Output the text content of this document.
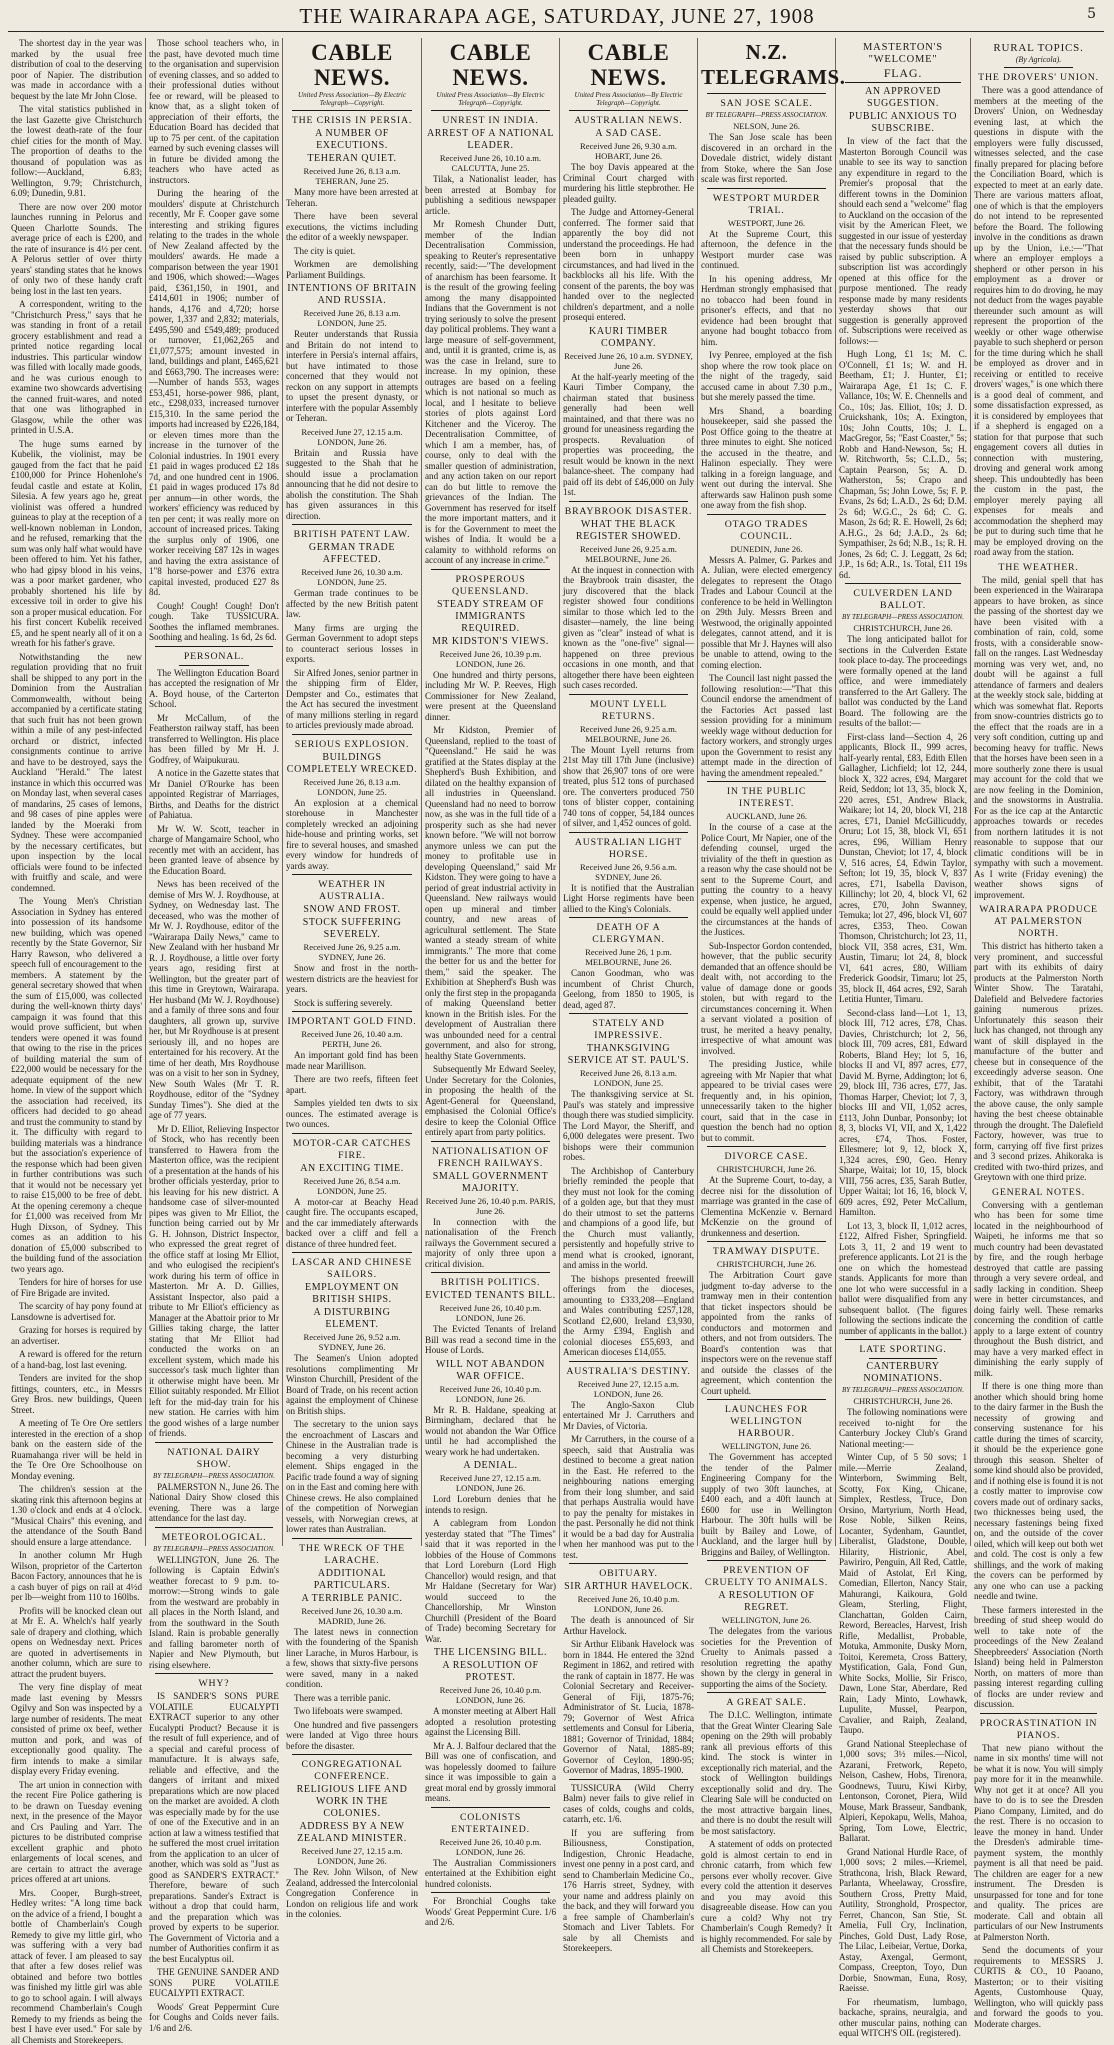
THE WAIRARAPA AGE, SATURDAY, JUNE 27, 1908	5

The shortest day in the year was marked by the usual free distribution of coal to the deserving poor of Napier. The distribution was made in accordance with a bequest by the late Mr John Close.

The vital statistics published in the last Gazette give Christchurch the lowest death-rate of the four chief cities for the month of May. The proportion of deaths to the thousand of population was as follow:—Auckland, 6.83; Wellington, 9.79; Christchurch, 6.09; Dunedin, 9.81.

There are now over 200 motor launches running in Pelorus and Queen Charlotte Sounds. The average price of each is £200, and the rate of insurance is 4½ per cent. A Pelorus settler of over thirty years' standing states that he knows of only two of these handy craft being lost in the last ten years.

A correspondent, writing to the "Christchurch Press," says that he was standing in front of a retail grocery establishment and read a printed notice regarding local industries. This particular window was filled with locally made goods, and he was curious enough to examine two showcards advertising the canned fruit-wares, and noted that one was lithographed in Glasgow, while the other was printed in U.S.A.

The huge sums earned by Kubelik, the violinist, may be gauged from the fact that he paid £100,000 for Prince Hohenlohe's feudal castle and estate at Kolin, Silesia. A few years ago he, great violinist was offered a hundred guineas to play at the reception of a well-known nobleman in London, and he refused, remarking that the sum was only half what would have been offered to him. Yet his father, who had gipsy blood in his veins, was a poor market gardener, who probably shortened his life by excessive toil in order to give his son a proper musical education. For his first concert Kubelik received £5, and he spent nearly all of it on a wreath for his father's grave.

Notwithstanding the new regulation providing that no fruit shall be shipped to any port in the Dominion from the Australian Commonwealth, without being accompanied by a certificate stating that such fruit has not been grown within a mile of any pest-infected orchard or district, infected consignments continue to arrive and have to be destroyed, says the Auckland "Herald." The latest instance in which this occurred was on Monday last, when several cases of mandarins, 25 cases of lemons, and 98 cases of pine apples were landed by the Moeraki from Sydney. These were accompanied by the necessary certificates, but upon inspection by the local officials were found to be infected with fruitfly and scale, and were condemned.

The Young Men's Christian Association in Sydney has entered into possession of its handsome new building, which was opened recently by the State Governor, Sir Harry Rawson, who delivered a speech full of encouragement to the members. A statement by the general secretary showed that when the sum of £15,000, was collected during the well-known thirty days' campaign it was found that this would prove sufficient, but when tenders were opened it was found that owing to the rise in the prices of building material the sum of £22,000 would be necessary for the adequate equipment of the new home. In view of the support which the association had received, its officers had decided to go ahead and trust the community to stand by it. The difficulty with regard to building materials was a hindrance but the association's experience of the response which had been given in further contributions was such that it would not be necessary yet to raise £15,000 to be free of debt. At the opening ceremony a cheque for £1,000 was received from Mr Hugh Dixson, of Sydney. This comes as an addition to his donation of £5,000 subscribed to the building fund of the association two years ago.

Tenders for hire of horses for use of Fire Brigade are invited.

The scarcity of hay pony found at Lansdowne is advertised for.

Grazing for horses is required by an advertiser.

A reward is offered for the return of a hand-bag, lost last evening.

Tenders are invited for the shop fittings, counters, etc., in Messrs Grey Bros. new buildings, Queen Street.

A meeting of Te Ore Ore settlers interested in the erection of a shop bank on the eastern side of the Ruamahanga river will be held in the Te Ore Ore Schoolhouse on Monday evening.

The children's session at the skating rink this afternoon begins at 1.30 o'clock and ends at 4 o'clock. "Musical Chairs" this evening, and the attendance of the South Band should ensure a large attendance.

In another column Mr Hugh Wilson, proprietor of the Carterton Bacon Factory, announces that he is a cash buyer of pigs on rail at 4½d per lb—weight from 110 to 160lbs.

Profits will be knocked clean out at Mr E. A. Whelch's half yearly sale of drapery and clothing, which opens on Wednesday next. Prices are quoted in advertisements in another column, which are sure to attract the prudent buyers.

The very fine display of meat made last evening by Messrs Ogilvy and Son was inspected by a large number of residents. The meat consisted of prime ox beef, wether mutton and pork, and was of exceptionally good quality. The firm intends to make a similar display every Friday evening.

The art union in connection with the recent Fire Police gathering is to be drawn on Tuesday evening next, in the presence of the Mayor and Crs Pauling and Yarr. The pictures to be distributed comprise excellent graphic and photo enlargements of local scenes, and are certain to attract the average prices offered at art unions.

Mrs. Cooper, Burgh-street, Hedley writes: "A long time back on the advice of a friend, I bought a bottle of Chamberlain's Cough Remedy to give my little girl, who was suffering with a very bad attack of fever. I am pleased to say that after a few doses relief was obtained and before two bottles was finished my little girl was able to go to school again. I will always recommend Chamberlain's Cough Remedy to my friends as being the best I have ever used." For sale by all Chemists and Storekeepers.

Those school teachers who, in the past, have devoted much time to the organisation and supervision of evening classes, and so added to their professional duties without fee or reward, will be pleased to know that, as a slight token of appreciation of their efforts, the Education Board has decided that up to 75 per cent. of the capitation earned by such evening classes will in future be divided among the teachers who have acted as instructors.

During the hearing of the moulders' dispute at Christchurch recently, Mr F. Cooper gave some interesting and striking figures relating to the trades in the whole of New Zealand affected by the moulders' awards. He made a comparison between the year 1901 and 1906, which showed:—Wages paid, £361,150, in 1901, and £414,601 in 1906; number of hands, 4,176 and 4,720; horse power, 1,337 and 2,832; materials, £495,590 and £549,489; produced or turnover, £1,062,265 and £1,077,575; amount invested in land, buildings and plant, £465,621 and £663,790. The increases were:—Number of hands 553, wages £53,451, horse-power 986, plant, etc., £298,033, increased turnover £15,310. In the same period the imports had increased by £226,184, or eleven times more than the increase in the turnover of the Colonial industries. In 1901 every £1 paid in wages produced £2 18s 7d, and one hundred cent in 1906. £1 paid in wages produced 17s 8d per annum—in other words, the workers' efficiency was reduced by ten per cent; it was really more on account of increased prices. Taking the surplus only of 1906, one worker receiving £87 12s in wages and having the extra assistance of 1"8 horse-power and £376 extra capital invested, produced £27 8s 8d.

Cough! Cough! Cough! Don't cough. Take TUSSICURA. Soothes the inflamed membranes. Soothing and healing. 1s 6d, 2s 6d.

PERSONAL.

The Wellington Education Board has accepted the resignation of Mr A. Boyd house, of the Carterton School.

Mr McCallum, of the Featherston railway staff, has been transferred to Wellington. His place has been filled by Mr H. J. Godfrey, of Waipukurau.

A notice in the Gazette states that Mr Daniel O'Rourke has been appointed Registrar of Marriages, Births, and Deaths for the district of Pahiatua.

Mr W. W. Scott, teacher in charge of Mangamaire School, who recently met with an accident, has been granted leave of absence by the Education Board.

News has been received of the demise of Mrs W. J. Roydhouse, at Sydney, on Wednesday last. The deceased, who was the mother of Mr W. J. Roydhouse, editor of the "Wairarapa Daily News," came to New Zealand with her husband Mr R. J. Roydhouse, a little over forty years ago, residing first at Wellington, but the greater part of this time in Greytown, Wairarapa. Her husband (Mr W. J. Roydhouse) and a family of three sons and four daughters, all grown up, survive her, but Mr Roydhouse is at present seriously ill, and no hopes are entertained for his recovery. At the time of her death, Mrs Roydhouse was on a visit to her son in Sydney, New South Wales (Mr T. R. Roydhouse, editor of the "Sydney Sunday Times"). She died at the age of 77 years.

Mr D. Elliot, Relieving Inspector of Stock, who has recently been transferred to Hawera from the Masterton office, was the recipient of a presentation at the hands of his brother officials yesterday, prior to his leaving for his new district. A handsome case of silver-mounted pipes was given to Mr Elliot, the function being carried out by Mr G. H. Johnson, District Inspector, who expressed the great regret of the office staff at losing Mr Elliot, and who eulogised the recipient's work during his term of office in Masterton. Mr A. D. Gillies, Assistant Inspector, also paid a tribute to Mr Elliot's efficiency as Manager at the Abattoir prior to Mr Gillies taking charge, the latter stating that Mr Elliot had conducted the works on an excellent system, which made his successor's task much lighter than it otherwise might have been. Mr Elliot suitably responded. Mr Elliot left for the mid-day train for his new station. He carries with him the good wishes of a large number of friends.

NATIONAL DAIRY SHOW.
BY TELEGRAPH—PRESS ASSOCIATION.

PALMERSTON N., June 26. The National Dairy Show closed this evening. There was a large attendance for the last day.

METEOROLOGICAL.
BY TELEGRAPH—PRESS ASSOCIATION.

WELLINGTON, June 26. The following is Captain Edwin's weather forecast to 9 p.m. to-morrow:—Strong winds to gale from the westward are probably in all places in the North Island, and from the southward in the South Island. Rain is probable generally and falling barometer north of Napier and New Plymouth, but rising elsewhere.

WHY?

IS SANDER'S SONS PURE VOLATILE EUCALYPTI EXTRACT superior to any other Eucalypti Product? Because it is the result of full experience, and of a special and careful process of manufacture. It is always safe, reliable and effective, and the dangers of irritant and mixed preparations which are now placed on the market are avoided. A cloth was especially made by for the use of one of the Executive and in an action at law a witness testified that he suffered the most cruel irritation from the application to an ulcer of another, which was sold as "Just as good as SANDER'S EXTRACT." Therefore, beware of such preparations. Sander's Extract is without a drop that could harm, and the preparation which was proved by experts to be superior. The Government of Victoria and a number of Authorities confirm it as the best Eucalyptus oil.

THE GENUINE SANDER AND SONS PURE VOLATILE EUCALYPTI EXTRACT.

Woods' Great Peppermint Cure for Coughs and Colds never fails. 1/6 and 2/6.

CABLE NEWS.
United Press Association—By Electric Telegraph—Copyright.
THE CRISIS IN PERSIA.
A NUMBER OF EXECUTIONS.
TEHERAN QUIET.
Received June 26, 8.13 a.m. TEHERAN, June 25.

Many more have been arrested at Teheran.

There have been several executions, the victims including the editor of a weekly newspaper.

The city is quiet.

Workmen are demolishing Parliament Buildings.

INTENTIONS OF BRITAIN AND RUSSIA.
Received June 26, 8.13 a.m. LONDON, June 25.

Reuter understands that Russia and Britain do not intend to interfere in Persia's internal affairs, but have intimated to those concerned that they would not reckon on any support in attempts to upset the present dynasty, or interfere with the popular Assembly or Teheran.

Received June 27, 12.15 a.m. LONDON, June 26.

Britain and Russia have suggested to the Shah that he should issue a proclamation announcing that he did not desire to abolish the constitution. The Shah has given assurances in this direction.

BRITISH PATENT LAW.
GERMAN TRADE AFFECTED.
Received June 26, 10.30 a.m. LONDON, June 25.

German trade continues to be affected by the new British patent law.

Many firms are urging the German Government to adopt steps to counteract serious losses in exports.

Sir Alfred Jones, senior partner in the shipping firm of Elder, Dempster and Co., estimates that the Act has secured the investment of many millions sterling in regard to articles previously made abroad.

SERIOUS EXPLOSION.
BUILDINGS COMPLETELY WRECKED.
Received June 26, 8.13 a.m. LONDON, June 25.

An explosion at a chemical storehouse in Manchester completely wrecked an adjoining hide-house and printing works, set fire to several houses, and smashed every window for hundreds of yards away.

WEATHER IN AUSTRALIA.
SNOW AND FROST.
STOCK SUFFERING SEVERELY.
Received June 26, 9.25 a.m. SYDNEY, June 26.

Snow and frost in the north-western districts are the heaviest for years.

Stock is suffering severely.

IMPORTANT GOLD FIND.
Received June 26, 10.40 a.m. PERTH, June 26.

An important gold find has been made near Marillison.

There are two reefs, fifteen feet apart.

Samples yielded ten dwts to six ounces. The estimated average is two ounces.

MOTOR-CAR CATCHES FIRE.
AN EXCITING TIME.
Received June 26, 8.54 a.m. LONDON, June 25.

A motor-car at Beachy Head caught fire. The occupants escaped, and the car immediately afterwards backed over a cliff and fell a distance of three hundred feet.

LASCAR AND CHINESE SAILORS.
EMPLOYMENT ON BRITISH SHIPS.
A DISTURBING ELEMENT.
Received June 26, 9.52 a.m. SYDNEY, June 26.

The Seamen's Union adopted resolutions complimenting Mr Winston Churchill, President of the Board of Trade, on his recent action against the employment of Chinese on British ships.

The secretary to the union says the encroachment of Lascars and Chinese in the Australian trade is becoming a very disturbing element. Ships engaged in the Pacific trade found a way of signing on in the East and coming here with Chinese crews. He also complained of the competition of Norwegian vessels, with Norwegian crews, at lower rates than Australian.

THE WRECK OF THE LARACHE.
ADDITIONAL PARTICULARS.
A TERRIBLE PANIC.
Received June 26, 10.30 a.m. MADRID, June 26.

The latest news in connection with the foundering of the Spanish liner Larache, in Muros Harbour, is a few, shows that sixty-five persons were saved, many in a naked condition.

There was a terrible panic.

Two lifeboats were swamped.

One hundred and five passengers were landed at Vigo three hours before the disaster.

CONGREGATIONAL CONFERENCE.
RELIGIOUS LIFE AND WORK IN THE COLONIES.
ADDRESS BY A NEW ZEALAND MINISTER.
Received June 27, 12.15 a.m. LONDON, June 26.

The Rev. John Wilson, of New Zealand, addressed the Intercolonial Congregation Conference in London on religious life and work in the colonies.

CABLE NEWS.
United Press Association—By Electric Telegraph—Copyright.
UNREST IN INDIA.
ARREST OF A NATIONAL LEADER.
Received June 26, 10.10 a.m. CALCUTTA, June 25.

Tilak, a Nationalist leader, has been arrested at Bombay for publishing a seditious newspaper article.

Mr Romesh Chunder Dutt, member of the Indian Decentralisation Commission, speaking to Reuter's representative recently, said:—"The development of anarchism has been fearsome. It is the result of the growing feeling among the many disappointed Indians that the Government is not trying seriously to solve the present day political problems. They want a large measure of self-government, and, until it is granted, crime is, as was the case in Ireland, sure to increase. In my opinion, these outrages are based on a feeling which is not national so much as local, and I hesitate to believe stories of plots against Lord Kitchener and the Viceroy. The Decentralisation Committee, of which I am a member, has, of course, only to deal with the smaller question of administration, and any action taken on our report can do but little to remove the grievances of the Indian. The Government has reserved for itself the more important matters, and it is for the Government to meet the wishes of India. It would be a calamity to withhold reforms on account of any increase in crime."

PROSPEROUS QUEENSLAND.
STEADY STREAM OF IMMIGRANTS REQUIRED.
MR KIDSTON'S VIEWS.
Received June 26, 10.39 p.m. LONDON, June 26.

One hundred and thirty persons, including Mr W. P. Reeves, High Commissioner for New Zealand, were present at the Queensland dinner.

Mr Kidston, Premier of Queensland, replied to the toast of "Queensland." He said he was gratified at the States display at the Shepherd's Bush Exhibition, and dilated on the healthy expansion of all industries in Queensland. Queensland had no need to borrow now, as she was in the full tide of a prosperity such as she had never known before. "We will not borrow anymore unless we can put the money to profitable use in developing Queensland," said Mr Kidston. They were going to have a period of great industrial activity in Queensland. New railways would open up mineral and timber country, and new areas of agricultural settlement. The State wanted a steady stream of white immigrants." The more that come the better for us and the better for them," said the speaker. The Exhibition at Shepherd's Bush was only the first step in the propaganda of making Queensland better known in the British isles. For the development of Australian there was unbounded need for a central government, and also for strong, healthy State Governments.

Subsequently Mr Edward Seeley, Under Secretary for the Colonies, in proposing the health of the Agent-General for Queensland, emphasised the Colonial Office's desire to keep the Colonial Office entirely apart from party politics.

NATIONALISATION OF FRENCH RAILWAYS.
SMALL GOVERNMENT MAJORITY.
Received June 26, 10.40 p.m. PARIS, June 26.

In connection with the nationalisation of the French railways the Government secured a majority of only three upon a critical division.

BRITISH POLITICS.
EVICTED TENANTS BILL.
Received June 26, 10.40 p.m. LONDON, June 26.

The Evicted Tenants of Ireland Bill was read a second time in the House of Lords.

WILL NOT ABANDON WAR OFFICE.
Received June 26, 10.40 p.m. LONDON, June 26.

Mr R. B. Haldane, speaking at Birmingham, declared that he would not abandon the War Office until he had accomplished the weary work he had undertaken.

A DENIAL.
Received June 27, 12.15 a.m. LONDON, June 26.

Lord Loreburn denies that he intends to resign.

A cablegram from London yesterday stated that "The Times" said that it was reported in the lobbies of the House of Commons that Lord Loreburn (Lord High Chancellor) would resign, and that Mr Haldane (Secretary for War) would succeed to the Chancellorship, Mr Winston Churchill (President of the Board of Trade) becoming Secretary for War.

THE LICENSING BILL.
A RESOLUTION OF PROTEST.
Received June 26, 10.40 p.m. LONDON, June 26.

A monster meeting at Albert Hall adopted a resolution protesting against the Licensing Bill.

Mr A. J. Balfour declared that the Bill was one of confiscation, and was hopelessly doomed to failure since it was impossible to gain a great moral end by grossly immoral means.

COLONISTS ENTERTAINED.
Received June 26, 10.40 p.m. LONDON, June 26.

The Australian Commissioners entertained at the Exhibition eight hundred colonists.

For Bronchial Coughs take Woods' Great Peppermint Cure. 1/6 and 2/6.

CABLE NEWS.
United Press Association—By Electric Telegraph—Copyright.
AUSTRALIAN NEWS.
A SAD CASE.
Received June 26, 9.30 a.m. HOBART, June 26.

The boy Davis appeared at the Criminal Court charged with murdering his little stepbrother. He pleaded guilty.

The Judge and Attorney-General conferred. The former said that apparently the boy did not understand the proceedings. He had been born in unhappy circumstances, and had lived in the backblocks all his life. With the consent of the parents, the boy was handed over to the neglected children's department, and a nolle prosequi entered.

KAURI TIMBER COMPANY.
Received June 26, 10 a.m. SYDNEY, June 26.

At the half-yearly meeting of the Kauri Timber Company, the chairman stated that business generally had been well maintained, and that there was no ground for uneasiness regarding the prospects. Revaluation of properties was proceeding, the result would be known in the next balance-sheet. The company had paid off its debt of £46,000 on July 1st.

BRAYBROOK DISASTER.
WHAT THE BLACK REGISTER SHOWED.
Received June 26, 9.25 a.m. MELBOURNE, June 26.

At the inquest in connection with the Braybrook train disaster, the jury discovered that the black register showed four conditions similar to those which led to the disaster—namely, the line being given as "clear" instead of what is known as the "one-five" signal—happened on three previous occasions in one month, and that altogether there have been eighteen such cases recorded.

MOUNT LYELL RETURNS.
Received June 26, 9.25 a.m. MELBOURNE, June 26.

The Mount Lyell returns from 21st May till 17th June (inclusive) show that 26,907 tons of ore were treated, plus 512 tons of purchased ore. The converters produced 750 tons of blister copper, containing 740 tons of copper, 54,184 ounces of silver, and 1,452 ounces of gold.

AUSTRALIAN LIGHT HORSE.
Received June 26, 9.56 a.m. SYDNEY, June 26.

It is notified that the Australian Light Horse regiments have been allied to the King's Colonials.

DEATH OF A CLERGYMAN.
Received June 26, 1 p.m. MELBOURNE, June 26.

Canon Goodman, who was incumbent of Christ Church, Geelong, from 1850 to 1905, is dead, aged 87.

STATELY AND IMPRESSIVE.
THANKSGIVING SERVICE AT ST. PAUL'S.
Received June 26, 8.13 a.m. LONDON, June 25.

The thanksgiving service at St. Paul's was stately and impressive though there was studied simplicity. The Lord Mayor, the Sheriff, and 6,000 delegates were present. Two bishops were their communion robes.

The Archbishop of Canterbury briefly reminded the people that they must not look for the coming of a golden age, but that they must do their utmost to set the patterns and champions of a good life, but the Church must valiantly, persistently and hopefully strive to mend what is crooked, ignorant, and amiss in the world.

The bishops presented freewill offerings from the dioceses, amounting to £333,208—England and Wales contributing £257,128, Scotland £2,600, Ireland £3,930, the Army £394, English and colonial dioceses £55,693, and American dioceses £14,055.

AUSTRALIA'S DESTINY.
Received June 27, 12.15 a.m. LONDON, June 26.

The Anglo-Saxon Club entertained Mr J. Carruthers and Mr Davies, of Victoria.

Mr Carruthers, in the course of a speech, said that Australia was destined to become a great nation in the East. He referred to the neighbouring nations emerging from their long slumber, and said that perhaps Australia would have to pay the penalty for mistakes in the past. Personally he did not think it would be a bad day for Australia when her manhood was put to the test.

OBITUARY.
SIR ARTHUR HAVELOCK.
Received June 26, 10.40 p.m. LONDON, June 26.

The death is announced of Sir Arthur Havelock.

Sir Arthur Elibank Havelock was born in 1844. He entered the 32nd Regiment in 1862, and retired with the rank of captain in 1877. He was Colonial Secretary and Receiver-General of Fiji, 1875-76; Administrator of St. Lucia, 1878-79; Governor of West Africa settlements and Consul for Liberia, 1881; Governor of Trinidad, 1884; Governor of Natal, 1885-89; Governor of Ceylon, 1890-95; Governor of Madras, 1895-1900.

TUSSICURA (Wild Cherry Balm) never fails to give relief in cases of colds, coughs and colds, catarrh, etc. 1/6.

If you are suffering from Biliousness, Constipation, Indigestion, Chronic Headache, invest one penny in a post card, and send to Chamberlain Medicine Co., 176 Harris street, Sydney, with your name and address plainly on the back, and they will forward you a free sample of Chamberlain's Stomach and Liver Tablets. For sale by all Chemists and Storekeepers.

N.Z. TELEGRAMS.
SAN JOSE SCALE.
BY TELEGRAPH—PRESS ASSOCIATION.
NELSON, June 26.

The San Jose scale has been discovered in an orchard in the Dovedale district, widely distant from Stoke, where the San Jose scale was first reported.

WESTPORT MURDER TRIAL.
WESTPORT, June 26.

At the Supreme Court, this afternoon, the defence in the Westport murder case was continued.

In his opening address, Mr Herdman strongly emphasised that no tobacco had been found in prisoner's effects, and that no evidence had been brought that anyone had bought tobacco from him.

Ivy Penree, employed at the fish shop where the row took place on the night of the tragedy, said accused came in about 7.30 p.m., but she merely passed the time.

Mrs Shand, a boarding housekeeper, said she passed the Post Office going to the theatre at three minutes to eight. She noticed the accused in the theatre, and Halinon especially. They were talking in a foreign language, and went out during the interval. She afterwards saw Halinon push some one away from the fish shop.

OTAGO TRADES COUNCIL.
DUNEDIN, June 26.

Messrs A. Palmer, G. Parkes and A. Julian, were elected emergency delegates to represent the Otago Trades and Labour Council at the conference to be held in Wellington on 29th July. Messrs Breen and Westwood, the originally appointed delegates, cannot attend, and it is possible that Mr J. Haynes will also be unable to attend, owing to the coming election.

The Council last night passed the following resolution:—"That this Council endorse the amendment of the Factories Act passed last session providing for a minimum weekly wage without deduction for factory workers, and strongly urges upon the Government to resist any attempt made in the direction of having the amendment repealed."

IN THE PUBLIC INTEREST.
AUCKLAND, June 26.

In the course of a case at the Police Court, Mr Napier, one of the defending counsel, urged the triviality of the theft in question as a reason why the case should not be sent to the Supreme Court, and putting the country to a heavy expense, when justice, he argued, could be equally well applied under the circumstances at the hands of the Justices.

Sub-Inspector Gordon contended, however, that the public security demanded that an offence should be dealt with, not according to the value of damage done or goods stolen, but with regard to the circumstances concerning it. When a servant violated a position of trust, he merited a heavy penalty, irrespective of what amount was involved.

The presiding Justice, while agreeing with Mr Napier that what appeared to be trivial cases were frequently and, in his opinion, unnecessarily taken to the higher court, said that in the case in question the bench had no option but to commit.

DIVORCE CASE.
CHRISTCHURCH, June 26.

At the Supreme Court, to-day, a decree nisi for the dissolution of marriage was granted in the case of Clementina McKenzie v. Bernard McKenzie on the ground of drunkenness and desertion.

TRAMWAY DISPUTE.
CHRISTCHURCH, June 26.

The Arbitration Court gave judgment to-day adverse to the tramway men in their contention that ticket inspectors should be appointed from the ranks of conductors and motormen and others, and not from outsiders. The Board's contention was that inspectors were on the revenue staff and outside the classes of the agreement, which contention the Court upheld.

LAUNCHES FOR WELLINGTON HARBOUR.
WELLINGTON, June 26.

The Government has accepted the tender of the Palmer Engineering Company for the supply of two 30ft launches, at £400 each, and a 40ft launch at £600 for use in Wellington Harbour. The 30ft hulls will be built by Bailey and Lowe, of Auckland, and the larger hull by Briggins and Bailey, of Wellington.

PREVENTION OF CRUELTY TO ANIMALS.
A RESOLUTION OF REGRET.
WELLINGTON, June 26.

The delegates from the various societies for the Prevention of Cruelty to Animals passed a resolution regretting the apathy shown by the clergy in general in supporting the aims of the Society.

A GREAT SALE.

The D.I.C. Wellington, intimate that the Great Winter Clearing Sale opening on the 29th will probably rank all previous efforts of this kind. The stock is winter in exceptionally rich material, and the stock of Wellington buildings exceptionally solid and dry. The Clearing Sale will be conducted on the most attractive bargain lines, and there is no doubt the result will be most satisfactory.

A statement of odds on protected gold is almost certain to end in chronic catarrh, from which few persons ever wholly recover. Give every cold the attention it deserves and you may avoid this disagreeable disease. How can you cure a cold? Why not try Chamberlain's Cough Remedy? It is highly recommended. For sale by all Chemists and Storekeepers.

MASTERTON'S "WELCOME"
FLAG.
AN APPROVED SUGGESTION.
PUBLIC ANXIOUS TO SUBSCRIBE.

In view of the fact that the Masterton Borough Council was unable to see its way to sanction any expenditure in regard to the Premier's proposal that the different towns in the Dominion should each send a "welcome" flag to Auckland on the occasion of the visit by the American Fleet, we suggested in our issue of yesterday that the necessary funds should be raised by public subscription. A subscription list was accordingly opened at this office for the purpose mentioned. The ready response made by many residents yesterday shows that our suggestion is generally approved of. Subscriptions were received as follows:—

Hugh Long, £1 1s; M. C. O'Connell, £1 1s; W. and H. Beetham, £1; J. Hunter, £1; Wairarapa Age, £1 1s; C. F. Vallance, 10s; W. E. Chennells and Co., 10s; Jas. Elliot, 10s; J. D. Cruickshank, 10s; A. Exington, 10s; John Coutts, 10s; J. L. MacGregor, 5s; "East Coaster," 5s; Robb and Hand-Newson, 5s; H. W. Ritchworth, 5s; C.L.D., 5s; Captain Pearson, 5s; A. D. Watherston, 5s; Crapo and Chapman, 5s; John Lowe, 5s; F. P. Evans, 2s 6d; L.A.D., 2s 6d; D.M. 2s 6d; W.G.C., 2s 6d; C. G. Mason, 2s 6d; R. E. Howell, 2s 6d; A.H.G., 2s 6d; J.A.D., 2s 6d; Sympathiser, 2s 6d; N.B., 1s; R. H. Jones, 2s 6d; C. J. Leggatt, 2s 6d; J.P., 1s 6d; A.R., 1s. Total, £11 19s 6d.

CULVERDEN LAND BALLOT.
BY TELEGRAPH—PRESS ASSOCIATION.
CHRISTCHURCH, June 26.

The long anticipated ballot for sections in the Culverden Estate took place to-day. The proceedings were formally opened at the land office, and were immediately transferred to the Art Gallery. The ballot was conducted by the Land Board. The following are the results of the ballot:—

First-class land—Section 4, 26 applicants, Block II., 999 acres, half-yearly rental, £83, Edith Ellen Gallagher, Lichfield; lot 12, 244, block X, 322 acres, £94, Margaret Reid, Seddon; lot 13, 35, block X, 220 acres, £51, Andrew Black, Waikare; lot 14, 20, block VI, 218 acres, £71, Daniel McGillicuddy, Oruru; Lot 15, 38, block VI, 651 acres, £96, William Henry Dunstan, Cheviot; lot 17, 4, block V, 516 acres, £4, Edwin Taylor, Sefton; lot 19, 35, block V, 837 acres, £71, Isabella Davison, Killinchy; lot 20, 4, block VI, 62 acres, £70, John Swanney, Temuka; lot 27, 496, block VI, 607 acres, £353, Theo. Cowan Thomson, Christchurch; lot 23, 11, block VII, 358 acres, £31, Wm. Austin, Timaru; lot 24, 8, block VI, 641 acres, £80, William Frederick Goodsir, Timaru; lot 25, 35, block II, 464 acres, £92, Sarah Letitia Hunter, Timaru.

Second-class land—Lot 1, 13, block III, 712 acres, £78, Chas. Davies, Christchurch; lot 2, 56, block III, 709 acres, £81, Edward Roberts, Bland Hey; lot 5, 16, blocks II and VI, 897 acres, £77, David M. Byrne, Addington; lot 6, 29, block III, 736 acres, £77, Jas. Thomas Harper, Cheviot; lot 7, 3, blocks III and VII, 1,052 acres, £113, John Dunbar, Ponsonby; lot 8, 3, blocks VI, VII, and X, 1,422 acres, £74, Thos. Foster, Ellesmere; lot 9, 12, block X, 1,324 acres, £90, Geo. Henry Sharpe, Waitai; lot 10, 15, block VIII, 756 acres, £35, Sarah Butler, Upper Waitai; lot 16, 16, block V, 609 acres, £92, Peter McCallum, Hamilton.

Lot 13, 3, block II, 1,012 acres, £122, Alfred Fisher, Springfield. Lots 3, 11, 2 and 19 went to preference applicants. Lot 21 is the one on which the homestead stands. Applicants for more than one lot who were successful in a ballot were disqualified from any subsequent ballot. (The figures following the sections indicate the number of applicants in the ballot.)

LATE SPORTING.
CANTERBURY NOMINATIONS.
BY TELEGRAPH—PRESS ASSOCIATION.
CHRISTCHURCH, June 26.

The following nominations were received to-night for the Canterbury Jockey Club's Grand National meeting:—

Winter Cup, of 5 50 sovs; 1 mile.—Merrie Zealand, Winterborn, Swimming Belt, Scotty, Fox King, Chicane, Simplex, Restless, Truce, Don Orsino, Martyrium, North Head, Rose Noble, Silken Reins, Locanter, Sydenham, Gauntlet, Liberalist, Gladstone, Double, Hilarity, Histrionic, Abel, Pawiriro, Penguin, All Red, Cattle, Maid of Astolat, Erl King, Comedian, Ellerton, Nancy Stair, Mahurangi, Kaikoura, Gold Gleam, Sterling, Flight, Clanchattan, Golden Cairn, Reword, Bereacles, Harvest, Irish Rifle, Medallist, Probable, Motuka, Ammonite, Dusky Morn, Toitoi, Keremeta, Cross Battery, Mystification, Gala, Fond Gun, White Socks, Mollie, Sir Frisco, Dawn, Lone Star, Aberdare, Red Rain, Lady Minto, Lowhawk, Lupulite, Mussel, Pearpon, Cavalier, and Raiph, Zealand, Taupo.

Grand National Steeplechase of 1,000 sovs; 3½ miles.—Nicol, Azarani, Fretwork, Repeto, Nelson, Cashew, Hobs, Tirenora, Goodnews, Tuuru, Kiwi Kirby, Lentonson, Coronet, Piera, Wild Mouse, Mark Brasseur, Sandbank, Alpieri, Kepokapu, Wells, Mahoa, Spring, Tom Lowe, Electric, Ballarat.

Grand National Hurdle Race, of 1,000 sovs; 2 miles.—Kriemel, Strathcona, Irish, Black Reward, Parlanta, Wheelaway, Crossfire, Southern Cross, Pretty Maid, Autility, Stronghold, Prospector, Ferret, Chancon, San Stie, St. Amelia, Full Cry, Inclination, Pinches, Gold Dust, Lady Rose, The Lilac, Leibeiar, Vertue, Dorka, Astay, Axengal, Germont, Compass, Creepton, Toyo, Dun Dorbie, Snowman, Euna, Rosy, Raeisse.

For rheumatism, lumbago, backache, sprains, neuralgia, and other muscular pains, nothing can equal WITCH'S OIL (registered).

RURAL TOPICS.
(By Agricola).
THE DROVERS' UNION.

There was a good attendance of members at the meeting of the Drovers' Union, on Wednesday evening last, at which the questions in dispute with the employers were fully discussed, witnesses selected, and the case finally prepared for placing before the Conciliation Board, which is expected to meet at an early date. There are various matters afloat, one of which is that the employers do not intend to be represented before the Board. The following involve in the conditions as drawn up by the Union, i.e.:—"That where an employer employs a shepherd or other person in his employment as a drover or requires him to do droving, he may not deduct from the wages payable thereunder such amount as will represent the proportion of the weekly or other wage otherwise payable to such shepherd or person for the time during which he shall be employed as drover and in receiving or entitled to receive drovers' wages," is one which there is a good deal of comment, and some dissatisfaction expressed, as it is considered by employees that if a shepherd is engaged on a station for that purpose that such engagement covers all duties in connection with mustering, droving and general work among sheep. This undoubtedly has been the custom in the past, the employer merely paying all expenses for meals and accommodation the shepherd may be put to during such time that he may be employed droving on the road away from the station.

THE WEATHER.

The mild, genial spell that has been experienced in the Wairarapa appears to have broken, as since the passing of the shortest day we have been visited with a combination of rain, cold, some frosts, with a considerable snow-fall on the ranges. Last Wednesday morning was very wet, and, no doubt will be against a full attendance of farmers and dealers at the weekly stock sale, bidding at which was somewhat flat. Reports from snow-countries districts go to the effect that the roads are in a very soft condition, cutting up and becoming heavy for traffic. News that the horses have been seen in a more southerly zone there is usual may account for the cold that we are now feeling in the Dominion, and the snowstorms in Australia. For as the ice cap at the Antarctic approaches towards or recedes from northern latitudes it is not reasonable to suppose that our climatic conditions will be in sympathy with such a movement. As I write (Friday evening) the weather shows signs of improvement.

WAIRARAPA PRODUCE AT PALMERSTON NORTH.

This district has hitherto taken a very prominent, and successful part with its exhibits of dairy products at the Palmerston North Winter Show. The Taratahi, Dalefield and Belvedere factories gaining numerous prizes. Unfortunately this season their luck has changed, not through any want of skill displayed in the manufacture of the butter and cheese but in consequence of the exceedingly adverse season. One exhibit, that of the Taratahi Factory, was withdrawn through the above cause, the only sample having the best cheese obtainable through the drought. The Dalefield Factory, however, was true to form, carrying off five first prizes and 3 second prizes. Ahikoraka is credited with two-third prizes, and Greytown with one third prize.

GENERAL NOTES.

Conversing with a gentleman who has been for some time located in the neighbourhood of Waipeti, he informs me that so much country had been devastated by fire, and the rough herbage destroyed that cattle are passing through a very severe ordeal, and sadly lacking in condition. Sheep were in better circumstances, and doing fairly well. These remarks concerning the condition of cattle apply to a large extent of country throughout the Bush district, and may have a very marked effect in diminishing the early supply of milk.

If there is one thing more than another which should bring home to the dairy farmer in the Bush the necessity of growing and conserving sustenance for his cattle during the times of scarcity, it should be the experience gone through this season. Shelter of some kind should also be provided, and if nothing else is found it is not a costly matter to improvise cow covers made out of ordinary sacks, two thicknesses being used, the necessary fastenings being fixed on, and the outside of the cover oiled, which will keep out both wet and cold. The cost is only a few shillings, and the work of making the covers can be performed by any one who can use a packing needle and twine.

These farmers interested in the breeding of stud sheep would do well to take note of the proceedings of the New Zealand Sheepbreeders' Association (North Island) being held in Palmerston North, on matters of more than passing interest regarding culling of flocks are under review and discussion.

PROCRASTINATION IN PIANOS.

That new piano without the name in six months' time will not be what it is now. You will simply pay more for it in the meanwhile. Why not get it at once? All you have to do is to see the Dresden Piano Company, Limited, and do the rest. There is no occasion to leave the money in hand. Under the Dresden's admirable time-payment system, the monthly payment is all that need be paid. The children are eager for a new instrument. The Dresden is unsurpassed for tone and for tone and quality. The prices are moderate. Call and obtain all particulars of our New Instruments at Palmerston North.

Send the documents of your requirements to MESSRS J. CURTIS & CO., 10 Paoano, Masterton; or to their visiting Agents, Customhouse Quay, Wellington, who will quickly pass and forward the goods to you. Moderate charges.
